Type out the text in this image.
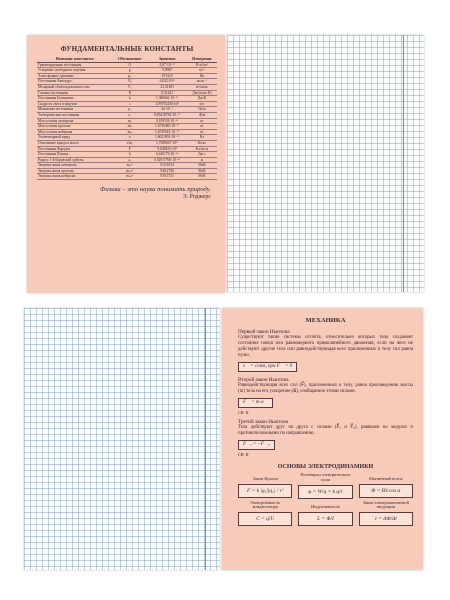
ФУНДАМЕНТАЛЬНЫЕ КОНСТАНТЫ
Название константы	Обозначение	Значение	Измерение
Гравитационная постоянная	G	6,67⋅10⁻¹¹	Н⋅м²/кг²
Ускорение свободного падения	g	9,8065	м/с²
Атмосферное давление	p₀	101325	Па
Постоянная Авогадро	Nₐ	6,022⋅10²³	моль⁻¹
Молярный объём идеального газа	V₀	22,41383	м³/моль
Газовая постоянная	R	8,31441	Дж/(моль⋅К)
Постоянная Больцмана	k	1,380662⋅10⁻²³	Дж/К
Скорость света в вакууме	c	2,99792458⋅10⁸	м/с
Магнитная постоянная	μ₀	4π⋅10⁻⁷	Гн/м
Электрическая постоянная	ε₀	8,85418782⋅10⁻¹²	Ф/м
Масса покоя электрона	mₑ	9,109534⋅10⁻³¹	кг
Масса покоя протона	mₚ	1,6726485⋅10⁻²⁷	кг
Масса покоя нейтрона	mₙ	1,6749543⋅10⁻²⁷	кг
Элементарный заряд	e	1,6021892⋅10⁻¹⁹	Кл
Отношение заряда к массе	e/mₑ	1,7588047⋅10¹¹	Кл/кг
Постоянная Фарадея	F	9,648456⋅10⁴	Кл/моль
Постоянная Планка	h	6,626176⋅10⁻³⁴	Дж⋅с
Радиус 1-й боровской орбиты	a₀	0,52917706⋅10⁻¹⁰	м
Энергия покоя электрона	mₑc²	0,511034	МэВ
Энергия покоя протона	mₚc²	938,2796	МэВ
Энергия покоя нейтрона	mₙc²	939,5731	МэВ
Физика – это наука понимать природу.
Э. Роджерс
МЕХАНИКА
Первый закон Ньютона

Существуют такие системы отсчёта, относительно которых тело сохраняет состояние покоя или равномерного прямолинейного движения, если на него не действуют другие тела или равнодействующая всех приложенных к телу сил равна нулю.

v⃗ = const, при F⃗ = 0
Второй закон Ньютона

Равнодействующая всех сил (F⃗), приложенных к телу, равна произведению массы (m) тела на его ускорение (a⃗), сообщаемое этими силами.

F⃗ = m⋅a⃗
СИ: Н
Третий закон Ньютона

Тела действуют друг на друга с силами (F⃗₁ и F⃗₂), равными по модулю и противоположными по направлению.

F⃗₁ = −F⃗₂
СИ: Н
ОСНОВЫ ЭЛЕКТРОДИНАМИКИ
Закон Кулона
F = k |q₁||q₂| / r²
Потенциал электрического поля
φ = W/q = k q/r
Магнитный поток
Φ = BS cos α
Электроёмкость конденсатора
C = q/U
Индуктивность
L = Φ/I
Закон электромагнитной индукции
ε = ΔΦ/Δt
